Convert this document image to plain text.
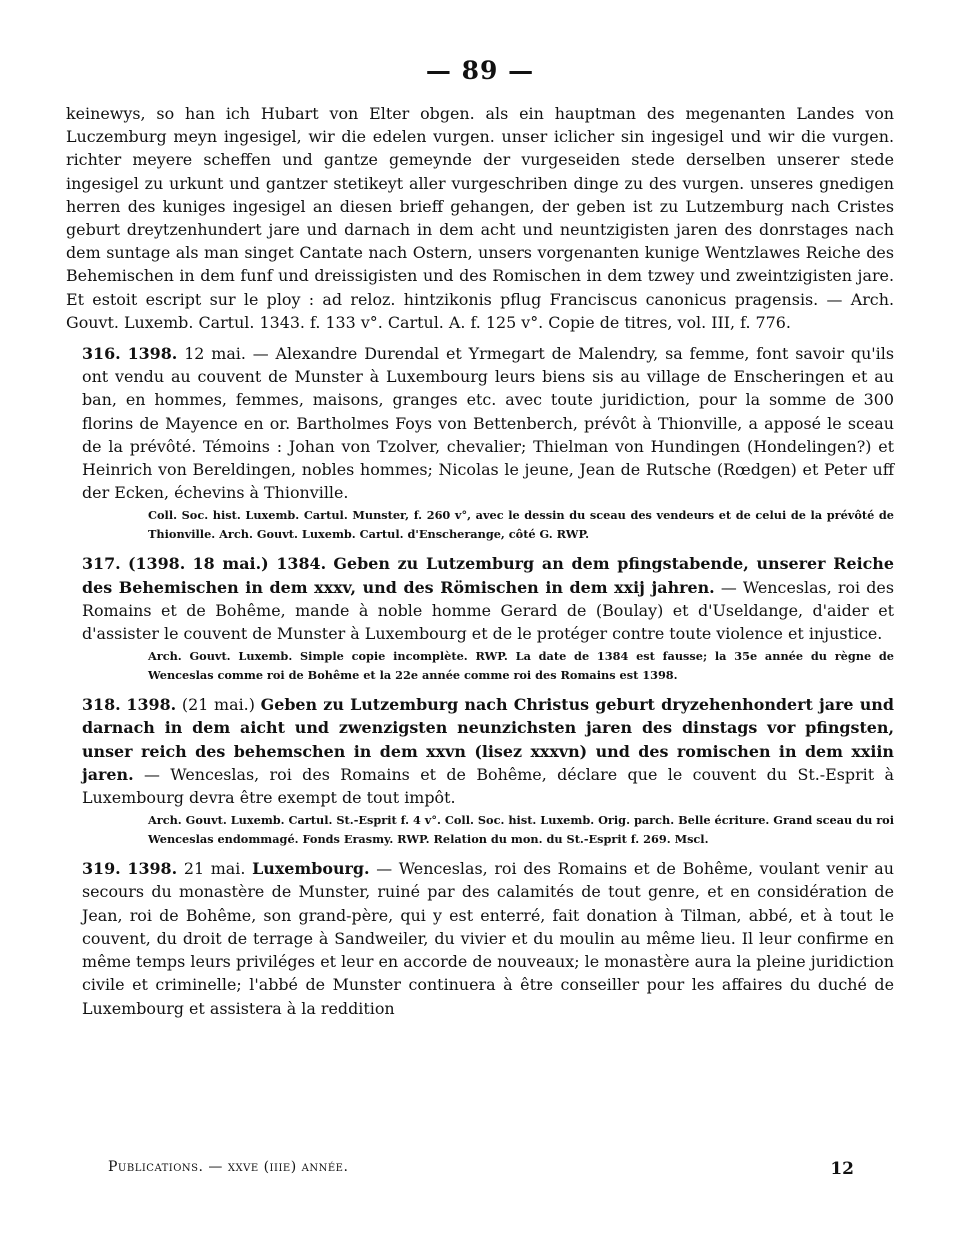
— 89 —

keinewys, so han ich Hubart von Elter obgen. als ein hauptman des megenanten Landes von Luczemburg meyn ingesigel, wir die edelen vurgen. unser iclicher sin ingesigel und wir die vurgen. richter meyere scheffen und gantze gemeynde der vurgeseiden stede derselben unserer stede ingesigel zu urkunt und gantzer stetikeyt aller vurgeschriben dinge zu des vurgen. unseres gnedigen herren des kuniges ingesigel an diesen brieff gehangen, der geben ist zu Lutzemburg nach Cristes geburt dreytzenhundert jare und darnach in dem acht und neuntzigisten jaren des donrstages nach dem suntage als man singet Cantate nach Ostern, unsers vorgenanten kunige Wentzlawes Reiche des Behemischen in dem funf und dreissigisten und des Romischen in dem tzwey und zweintzigisten jare. Et estoit escript sur le ploy : ad reloz. hintzikonis pflug Franciscus canonicus pragensis. — Arch. Gouvt. Luxemb. Cartul. 1343. f. 133 v°. Cartul. A. f. 125 v°. Copie de titres, vol. III, f. 776.

316. 1398. 12 mai. — Alexandre Durendal et Yrmegart de Malendry, sa femme, font savoir qu'ils ont vendu au couvent de Munster à Luxembourg leurs biens sis au village de Enscheringen et au ban, en hommes, femmes, maisons, granges etc. avec toute juridiction, pour la somme de 300 florins de Mayence en or. Bartholmes Foys von Bettenberch, prévôt à Thionville, a apposé le sceau de la prévôté. Témoins : Johan von Tzolver, chevalier; Thielman von Hundingen (Hondelingen?) et Heinrich von Bereldingen, nobles hommes; Nicolas le jeune, Jean de Rutsche (Rœdgen) et Peter uff der Ecken, échevins à Thionville.

Coll. Soc. hist. Luxemb. Cartul. Munster, f. 260 v°, avec le dessin du sceau des vendeurs et de celui de la prévôté de Thionville. Arch. Gouvt. Luxemb. Cartul. d'Enscherange, côté G. RWP.

317. (1398. 18 mai.) 1384. Geben zu Lutzemburg an dem pfingstabende, unserer Reiche des Behemischen in dem xxxv, und des Römischen in dem xxij jahren. — Wenceslas, roi des Romains et de Bohême, mande à noble homme Gerard de (Boulay) et d'Useldange, d'aider et d'assister le couvent de Munster à Luxembourg et de le protéger contre toute violence et injustice.

Arch. Gouvt. Luxemb. Simple copie incomplète. RWP. La date de 1384 est fausse; la 35e année du règne de Wenceslas comme roi de Bohême et la 22e année comme roi des Romains est 1398.

318. 1398. (21 mai.) Geben zu Lutzemburg nach Christus geburt dryzehenhondert jare und darnach in dem aicht und zwenzigsten neunzichsten jaren des dinstags vor pfingsten, unser reich des behemschen in dem xxvn (lisez xxxvn) und des romischen in dem xxiin jaren. — Wenceslas, roi des Romains et de Bohême, déclare que le couvent du St.-Esprit à Luxembourg devra être exempt de tout impôt.

Arch. Gouvt. Luxemb. Cartul. St.-Esprit f. 4 v°. Coll. Soc. hist. Luxemb. Orig. parch. Belle écriture. Grand sceau du roi Wenceslas endommagé. Fonds Erasmy. RWP. Relation du mon. du St.-Esprit f. 269. Mscl.

319. 1398. 21 mai. Luxembourg. — Wenceslas, roi des Romains et de Bohême, voulant venir au secours du monastère de Munster, ruiné par des calamités de tout genre, et en considération de Jean, roi de Bohême, son grand-père, qui y est enterré, fait donation à Tilman, abbé, et à tout le couvent, du droit de terrage à Sandweiler, du vivier et du moulin au même lieu. Il leur confirme en même temps leurs priviléges et leur en accorde de nouveaux; le monastère aura la pleine juridiction civile et criminelle; l'abbé de Munster continuera à être conseiller pour les affaires du duché de Luxembourg et assistera à la reddition

Publications. — xxve (iiie) année.	12
